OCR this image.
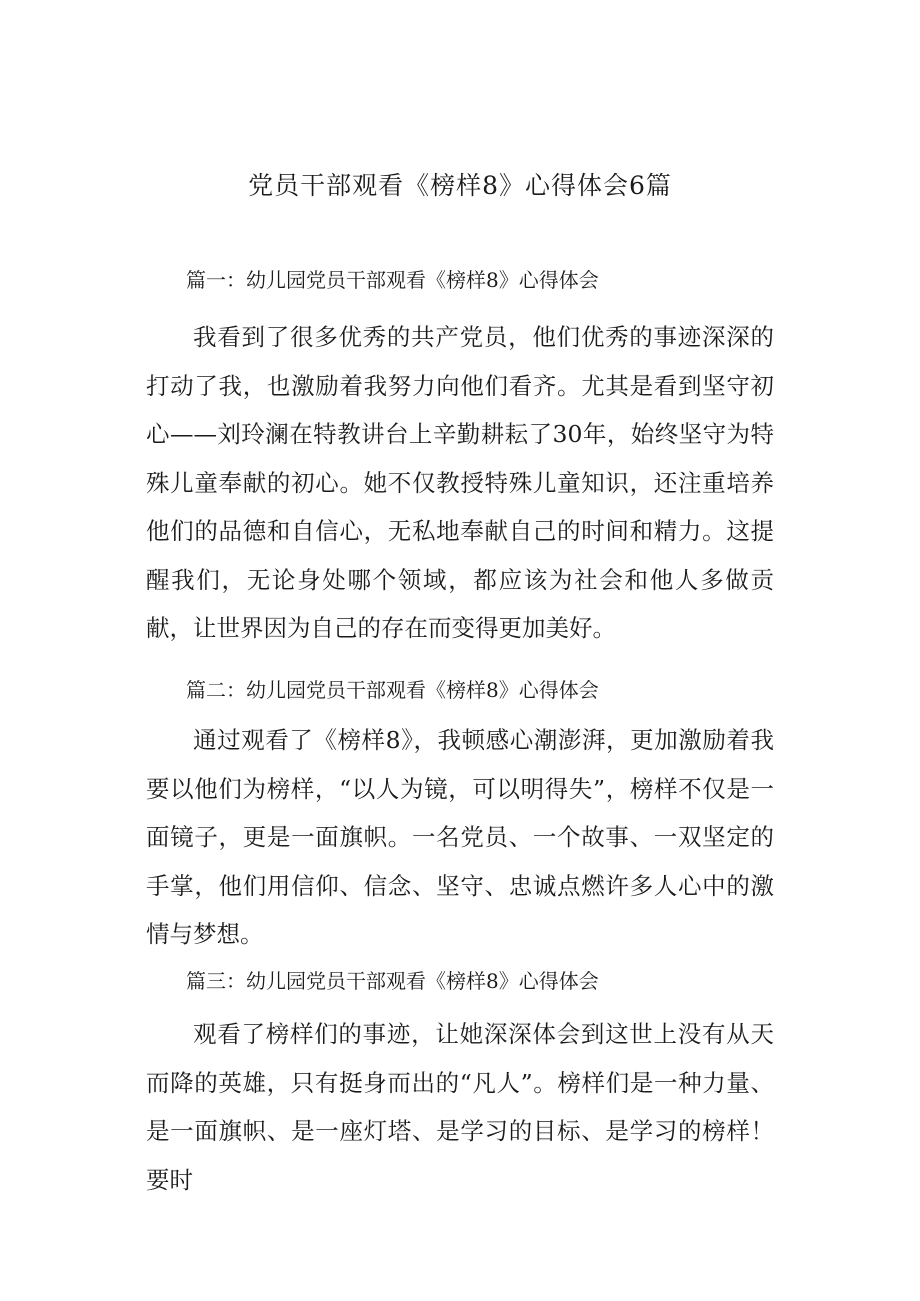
党员干部观看《榜样8》心得体会6篇
篇一：幼儿园党员干部观看《榜样8》心得体会

我看到了很多优秀的共产党员，他们优秀的事迹深深的打动了我，也激励着我努力向他们看齐。尤其是看到坚守初心——刘玲澜在特教讲台上辛勤耕耘了30年，始终坚守为特殊儿童奉献的初心。她不仅教授特殊儿童知识，还注重培养他们的品德和自信心，无私地奉献自己的时间和精力。这提醒我们，无论身处哪个领域，都应该为社会和他人多做贡献，让世界因为自己的存在而变得更加美好。

篇二：幼儿园党员干部观看《榜样8》心得体会

通过观看了《榜样8》，我顿感心潮澎湃，更加激励着我要以他们为榜样，“以人为镜，可以明得失”，榜样不仅是一面镜子，更是一面旗帜。一名党员、一个故事、一双坚定的手掌，他们用信仰、信念、坚守、忠诚点燃许多人心中的激情与梦想。

篇三：幼儿园党员干部观看《榜样8》心得体会

观看了榜样们的事迹，让她深深体会到这世上没有从天而降的英雄，只有挺身而出的“凡人”。榜样们是一种力量、是一面旗帜、是一座灯塔、是学习的目标、是学习的榜样！要时
